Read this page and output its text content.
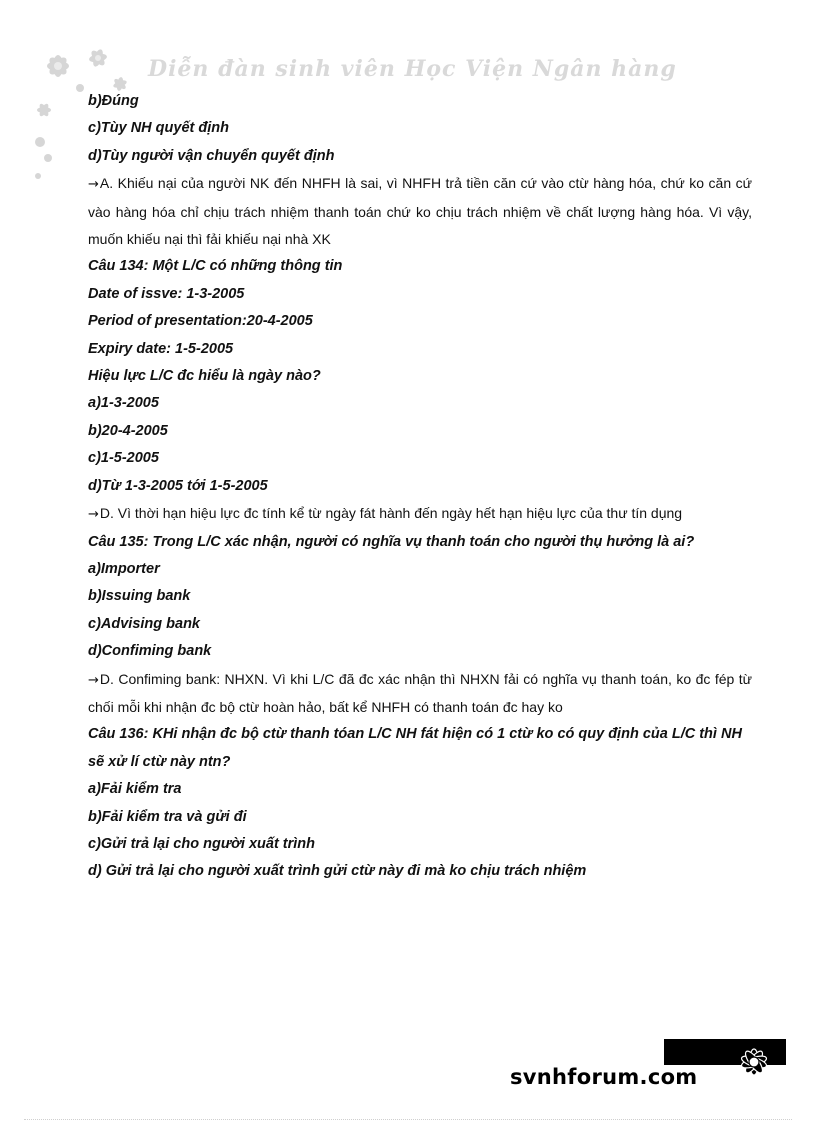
Diễn đàn sinh viên Học Viện Ngân hàng
b)Đúng
c)Tùy NH quyết định
d)Tùy người vận chuyển quyết định
→A. Khiếu nại của người NK đến NHFH là sai, vì NHFH trả tiền căn cứ vào ctừ hàng hóa, chứ ko căn cứ vào hàng hóa chỉ chịu trách nhiệm thanh toán chứ ko chịu trách nhiệm về chất lượng hàng hóa. Vì vậy, muốn khiếu nại thì fải khiếu nại nhà XK
Câu 134: Một L/C có những thông tin
Date of issve: 1-3-2005
Period of presentation:20-4-2005
Expiry date: 1-5-2005
Hiệu lực L/C đc hiểu là ngày nào?
a)1-3-2005
b)20-4-2005
c)1-5-2005
d)Từ 1-3-2005 tới 1-5-2005
→D. Vì thời hạn hiệu lực đc tính kể từ ngày fát hành đến ngày hết hạn hiệu lực của thư tín dụng
Câu 135: Trong L/C xác nhận, người có nghĩa vụ thanh toán cho người thụ hưởng là ai?
a)Importer
b)Issuing bank
c)Advising bank
d)Confiming bank
→D. Confiming bank: NHXN. Vì khi L/C đã đc xác nhận thì NHXN fải có nghĩa vụ thanh toán, ko đc fép từ chối mỗi khi nhận đc bộ ctừ hoàn hảo, bất kể NHFH có thanh toán đc hay ko
Câu 136: KHi nhận đc bộ ctừ thanh tóan L/C NH fát hiện có 1 ctừ ko có quy định của L/C thì NH sẽ xử lí ctừ này ntn?
a)Fải kiểm tra
b)Fải kiểm tra và gửi đi
c)Gửi trả lại cho người xuất trình
d) Gửi trả lại cho người xuất trình gửi ctừ này đi mà ko chịu trách nhiệm
svnhforum.com
